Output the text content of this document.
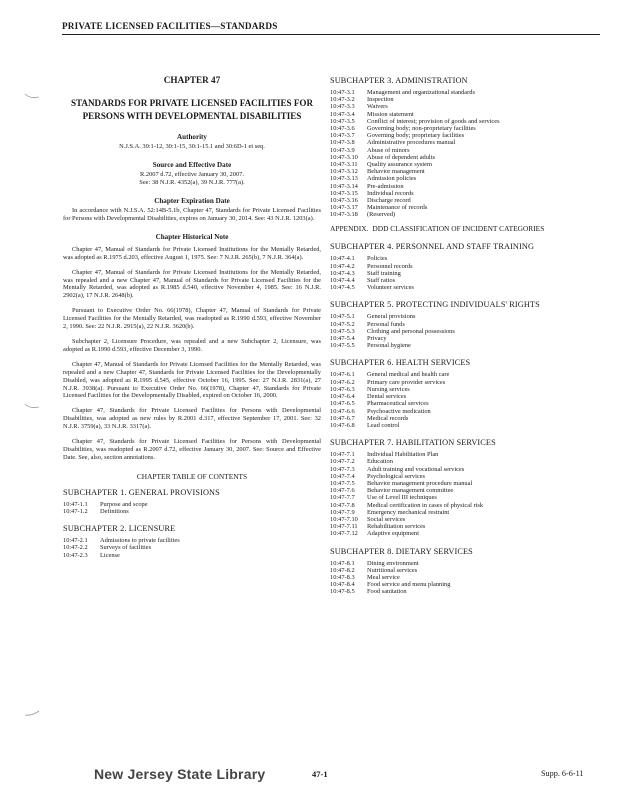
PRIVATE LICENSED FACILITIES—STANDARDS
CHAPTER 47
STANDARDS FOR PRIVATE LICENSED FACILITIES FOR PERSONS WITH DEVELOPMENTAL DISABILITIES
Authority
N.J.S.A. 30:1-12, 30:1-15, 30:1-15.1 and 30:6D-1 et seq.
Source and Effective Date
R.2007 d.72, effective January 30, 2007.
See: 38 N.J.R. 4352(a), 39 N.J.R. 777(a).
Chapter Expiration Date

In accordance with N.J.S.A. 52:14B-5.1b, Chapter 47, Standards for Private Licensed Facilities for Persons with Developmental Disabilities, expires on January 30, 2014. See: 43 N.J.R. 1203(a).

Chapter Historical Note

Chapter 47, Manual of Standards for Private Licensed Institutions for the Mentally Retarded, was adopted as R.1975 d.203, effective August 1, 1975. See: 7 N.J.R. 265(b), 7 N.J.R. 364(a).

Chapter 47, Manual of Standards for Private Licensed Institutions for the Mentally Retarded, was repealed and a new Chapter 47, Manual of Standards for Private Licensed Facilities for the Mentally Retarded, was adopted as R.1985 d.540, effective November 4, 1985. See: 16 N.J.R. 2902(a), 17 N.J.R. 2648(b).

Pursuant to Executive Order No. 66(1978), Chapter 47, Manual of Standards for Private Licensed Facilities for the Mentally Retarded, was readopted as R.1990 d.593, effective November 2, 1990. See: 22 N.J.R. 2915(a), 22 N.J.R. 3620(b).

Subchapter 2, Licensure Procedure, was repealed and a new Subchapter 2, Licensure, was adopted as R.1990 d.593, effective December 3, 1990.

Chapter 47, Manual of Standards for Private Licensed Facilities for the Mentally Retarded, was repealed and a new Chapter 47, Standards for Private Licensed Facilities for the Developmentally Disabled, was adopted as R.1995 d.545, effective October 16, 1995. See: 27 N.J.R. 2831(a), 27 N.J.R. 3938(a). Pursuant to Executive Order No. 66(1978), Chapter 47, Standards for Private Licensed Facilities for the Developmentally Disabled, expired on October 16, 2000.

Chapter 47, Standards for Private Licensed Facilities for Persons with Developmental Disabilities, was adopted as new rules by R.2001 d.317, effective September 17, 2001. See: 32 N.J.R. 3759(a), 33 N.J.R. 3317(a).

Chapter 47, Standards for Private Licensed Facilities for Persons with Developmental Disabilities, was readopted as R.2007 d.72, effective January 30, 2007. See: Source and Effective Date. See, also, section annotations.

CHAPTER TABLE OF CONTENTS
SUBCHAPTER 1. GENERAL PROVISIONS
10:47-1.1	Purpose and scope
10:47-1.2	Definitions
SUBCHAPTER 2. LICENSURE
10:47-2.1	Admissions to private facilities
10:47-2.2	Surveys of facilities
10:47-2.3	License
SUBCHAPTER 3. ADMINISTRATION
10:47-3.1	Management and organizational standards
10:47-3.2	Inspection
10:47-3.3	Waivers
10:47-3.4	Mission statement
10:47-3.5	Conflict of interest; provision of goods and services
10:47-3.6	Governing body; non-proprietary facilities
10:47-3.7	Governing body; proprietary facilities
10:47-3.8	Administrative procedures manual
10:47-3.9	Abuse of minors
10:47-3.10	Abuse of dependent adults
10:47-3.11	Quality assurance system
10:47-3.12	Behavior management
10:47-3.13	Admission policies
10:47-3.14	Pre-admission
10:47-3.15	Individual records
10:47-3.16	Discharge record
10:47-3.17	Maintenance of records
10:47-3.18	(Reserved)
APPENDIX. DDD CLASSIFICATION OF INCIDENT CATEGORIES
SUBCHAPTER 4. PERSONNEL AND STAFF TRAINING
10:47-4.1	Policies
10:47-4.2	Personnel records
10:47-4.3	Staff training
10:47-4.4	Staff ratios
10:47-4.5	Volunteer services
SUBCHAPTER 5. PROTECTING INDIVIDUALS' RIGHTS
10:47-5.1	General provisions
10:47-5.2	Personal funds
10:47-5.3	Clothing and personal possessions
10:47-5.4	Privacy
10:47-5.5	Personal hygiene
SUBCHAPTER 6. HEALTH SERVICES
10:47-6.1	General medical and health care
10:47-6.2	Primary care provider services
10:47-6.3	Nursing services
10:47-6.4	Dental services
10:47-6.5	Pharmaceutical services
10:47-6.6	Psychoactive medication
10:47-6.7	Medical records
10:47-6.8	Lead control
SUBCHAPTER 7. HABILITATION SERVICES
10:47-7.1	Individual Habilitation Plan
10:47-7.2	Education
10:47-7.3	Adult training and vocational services
10:47-7.4	Psychological services
10:47-7.5	Behavior management procedure manual
10:47-7.6	Behavior management committee
10:47-7.7	Use of Level III techniques
10:47-7.8	Medical certification in cases of physical risk
10:47-7.9	Emergency mechanical restraint
10:47-7.10	Social services
10:47-7.11	Rehabilitation services
10:47-7.12	Adaptive equipment
SUBCHAPTER 8. DIETARY SERVICES
10:47-8.1	Dining environment
10:47-8.2	Nutritional services
10:47-8.3	Meal service
10:47-8.4	Food service and menu planning
10:47-8.5	Food sanitation
New Jersey State Library	47-1	Supp. 6-6-11
